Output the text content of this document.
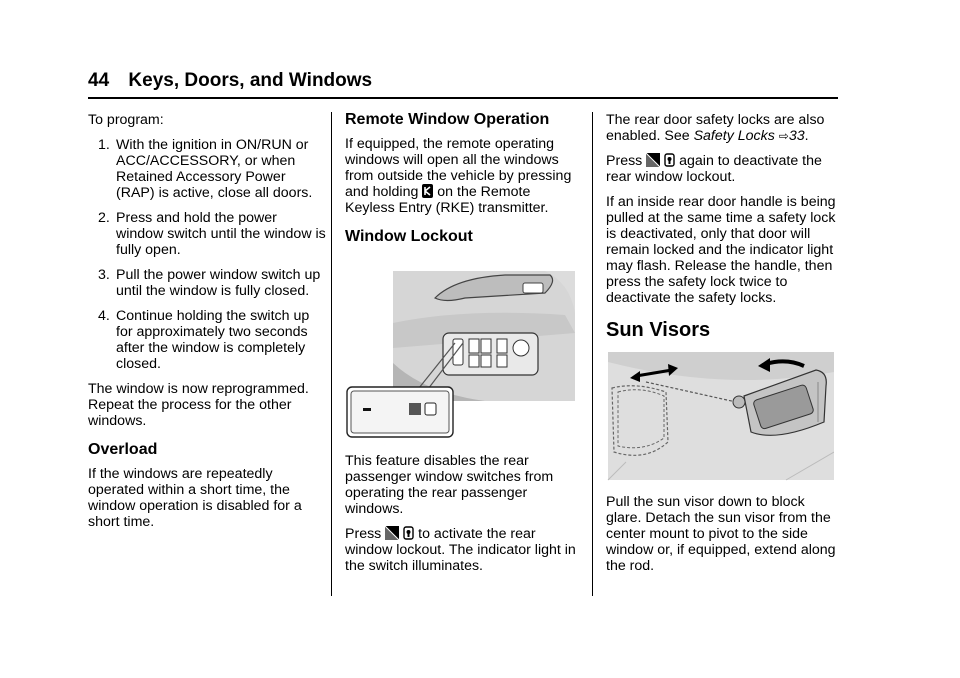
44 Keys, Doors, and Windows

To program:

1. With the ignition in ON/RUN or ACC/ACCESSORY, or when Retained Accessory Power (RAP) is active, close all doors.
2. Press and hold the power window switch until the window is fully open.
3. Pull the power window switch up until the window is fully closed.
4. Continue holding the switch up for approximately two seconds after the window is completely closed.

The window is now reprogrammed. Repeat the process for the other windows.

Overload

If the windows are repeatedly operated within a short time, the window operation is disabled for a short time.

Remote Window Operation

If equipped, the remote operating windows will open all the windows from outside the vehicle by pressing and holding on the Remote Keyless Entry (RKE) transmitter.

Window Lockout

This feature disables the rear passenger window switches from operating the rear passenger windows.

Press	to activate the rear window lockout. The indicator light in the switch illuminates.

The rear door safety locks are also enabled. See Safety Locks ⇨33.

Press	again to deactivate the rear window lockout.

If an inside rear door handle is being pulled at the same time a safety lock is deactivated, only that door will remain locked and the indicator light may flash. Release the handle, then press the safety lock twice to deactivate the safety locks.

Sun Visors

Pull the sun visor down to block glare. Detach the sun visor from the center mount to pivot to the side window or, if equipped, extend along the rod.
